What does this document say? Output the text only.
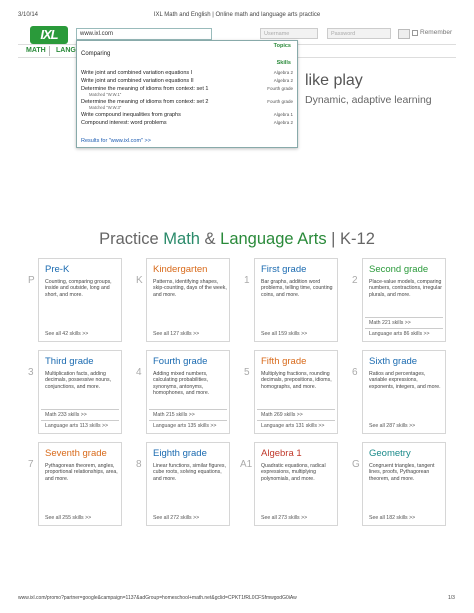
3/10/14	IXL Math and English | Online math and language arts practice
IXL	www.ixl.com	Username	Password	Remember
MATH LANG
like play
Dynamic, adaptive learning
Topics
Comparing
Skills
Write joint and combined variation equations I	Algebra 2
Write joint and combined variation equations II	Algebra 2
Determine the meaning of idioms from context: set 1	Fourth grade
Matched "W.W.1"
Determine the meaning of idioms from context: set 2	Fourth grade
Matched "W.W.3"
Write compound inequalities from graphs	Algebra 1
Compound interest: word problems	Algebra 2
Results for "www.ixl.com" >>
Practice Math & Language Arts | K-12
P
Pre-K
Counting, comparing groups, inside and outside, long and short, and more.
See all 42 skills >>
K
Kindergarten
Patterns, identifying shapes, skip-counting, days of the week, and more.
See all 127 skills >>
1
First grade
Bar graphs, addition word problems, telling time, counting coins, and more.
See all 159 skills >>
2
Second grade
Place-value models, comparing numbers, contractions, irregular plurals, and more.
Math 221 skills >>
Language arts 86 skills >>
3
Third grade
Multiplication facts, adding decimals, possessive nouns, conjunctions, and more.
Math 233 skills >>
Language arts 113 skills >>
4
Fourth grade
Adding mixed numbers, calculating probabilities, synonyms, antonyms, homophones, and more.
Math 215 skills >>
Language arts 135 skills >>
5
Fifth grade
Multiplying fractions, rounding decimals, prepositions, idioms, homographs, and more.
Math 269 skills >>
Language arts 131 skills >>
6
Sixth grade
Ratios and percentages, variable expressions, exponents, integers, and more.
See all 287 skills >>
7
Seventh grade
Pythagorean theorem, angles, proportional relationships, area, and more.
See all 255 skills >>
8
Eighth grade
Linear functions, similar figures, cube roots, solving equations, and more.
See all 272 skills >>
A1
Algebra 1
Quadratic equations, radical expressions, multiplying polynomials, and more.
See all 273 skills >>
G
Geometry
Congruent triangles, tangent lines, proofs, Pythagorean theorem, and more.
See all 182 skills >>
www.ixl.com/promo?partner=google&campaign=1137&adGroup=homeschool+math.net&gclid=CPKT1fRL0CFSfmwgodG0iAw	1/3
